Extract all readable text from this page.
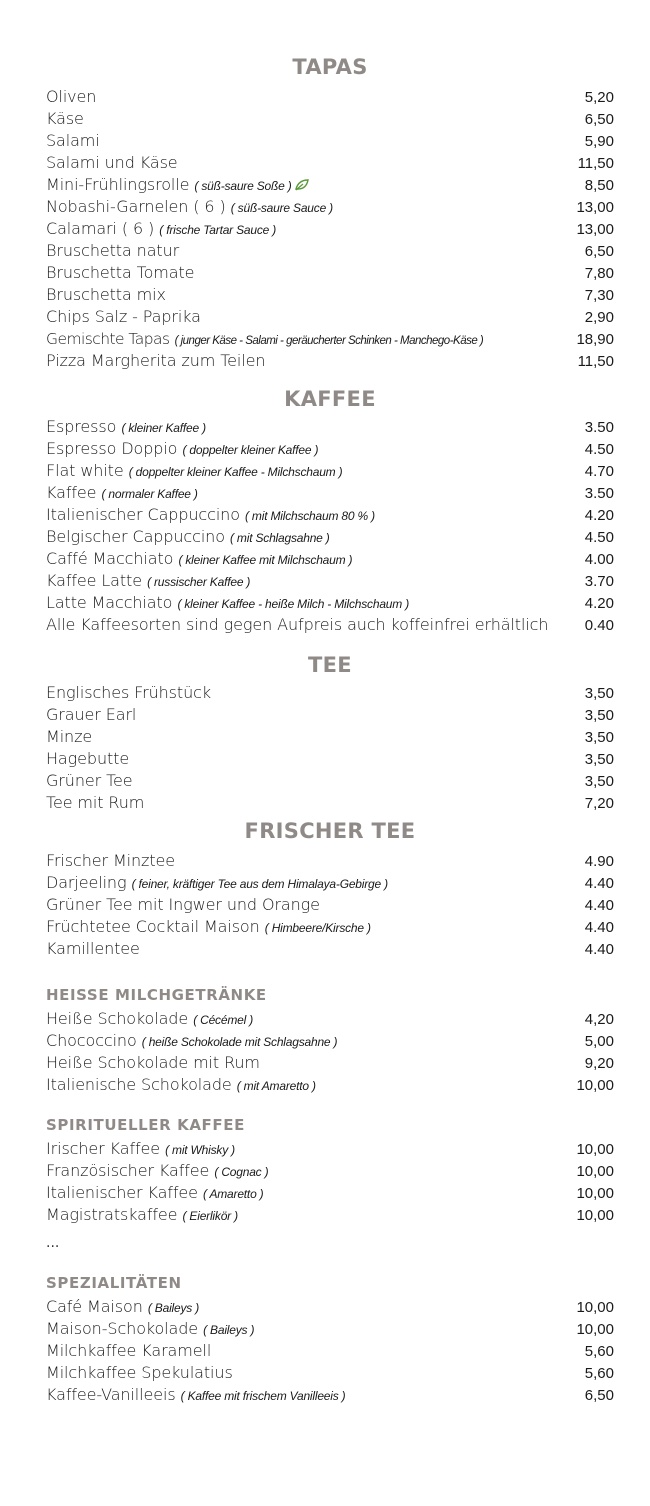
TAPAS
Oliven	5,20
Käse	6,50
Salami	5,90
Salami und Käse	11,50
Mini-Frühlingsrolle ( süß-saure Soße )	8,50
Nobashi-Garnelen ( 6 ) ( süß-saure Sauce )	13,00
Calamari ( 6 ) ( frische Tartar Sauce )	13,00
Bruschetta natur	6,50
Bruschetta Tomate	7,80
Bruschetta mix	7,30
Chips Salz - Paprika	2,90
Gemischte Tapas ( junger Käse - Salami - geräucherter Schinken - Manchego-Käse )	18,90
Pizza Margherita zum Teilen	11,50
KAFFEE
Espresso ( kleiner Kaffee )	3.50
Espresso Doppio ( doppelter kleiner Kaffee )	4.50
Flat white ( doppelter kleiner Kaffee - Milchschaum )	4.70
Kaffee ( normaler Kaffee )	3.50
Italienischer Cappuccino ( mit Milchschaum 80 % )	4.20
Belgischer Cappuccino ( mit Schlagsahne )	4.50
Caffé Macchiato ( kleiner Kaffee mit Milchschaum )	4.00
Kaffee Latte ( russischer Kaffee )	3.70
Latte Macchiato ( kleiner Kaffee - heiße Milch - Milchschaum )	4.20
Alle Kaffeesorten sind gegen Aufpreis auch koffeinfrei erhältlich 0.40
TEE
Englisches Frühstück	3,50
Grauer Earl	3,50
Minze	3,50
Hagebutte	3,50
Grüner Tee	3,50
Tee mit Rum	7,20
FRISCHER TEE
Frischer Minztee	4.90
Darjeeling ( feiner, kräftiger Tee aus dem Himalaya-Gebirge )	4.40
Grüner Tee mit Ingwer und Orange	4.40
Früchtetee Cocktail Maison ( Himbeere/Kirsche )	4.40
Kamillentee	4.40
HEISSE MILCHGETRÄNKE
Heiße Schokolade ( Cécémel )	4,20
Chococcino ( heiße Schokolade mit Schlagsahne )	5,00
Heiße Schokolade mit Rum	9,20
Italienische Schokolade ( mit Amaretto )	10,00
SPIRITUELLER KAFFEE
Irischer Kaffee ( mit Whisky )	10,00
Französischer Kaffee ( Cognac )	10,00
Italienischer Kaffee ( Amaretto )	10,00
Magistratskaffee ( Eierlikör )	10,00
...
SPEZIALITÄTEN
Café Maison ( Baileys )	10,00
Maison-Schokolade ( Baileys )	10,00
Milchkaffee Karamell	5,60
Milchkaffee Spekulatius	5,60
Kaffee-Vanilleeis ( Kaffee mit frischem Vanilleeis )	6,50
